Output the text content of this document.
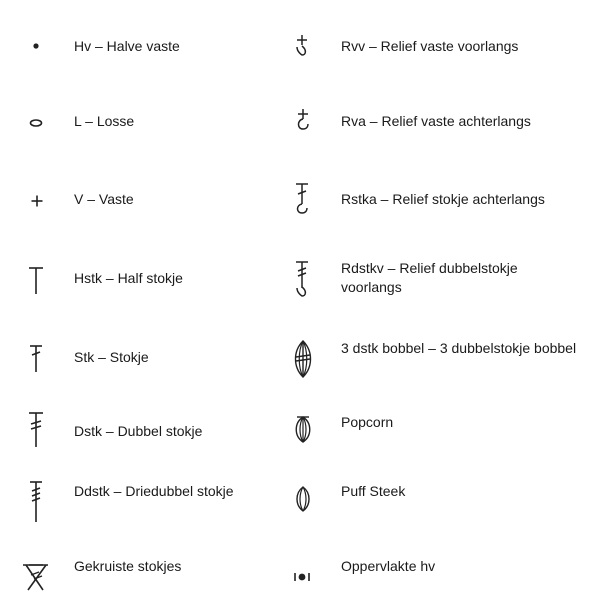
Hv – Halve vaste
L – Losse
V – Vaste
Hstk – Half stokje
Stk – Stokje
Dstk – Dubbel stokje
Ddstk – Driedubbel stokje
Gekruiste stokjes
Rvv – Relief vaste voorlangs
Rva – Relief vaste achterlangs
Rstka – Relief stokje achterlangs
Rdstkv – Relief dubbelstokje voorlangs
3 dstk bobbel – 3 dubbelstokje bobbel
Popcorn
Puff Steek
Oppervlakte hv
